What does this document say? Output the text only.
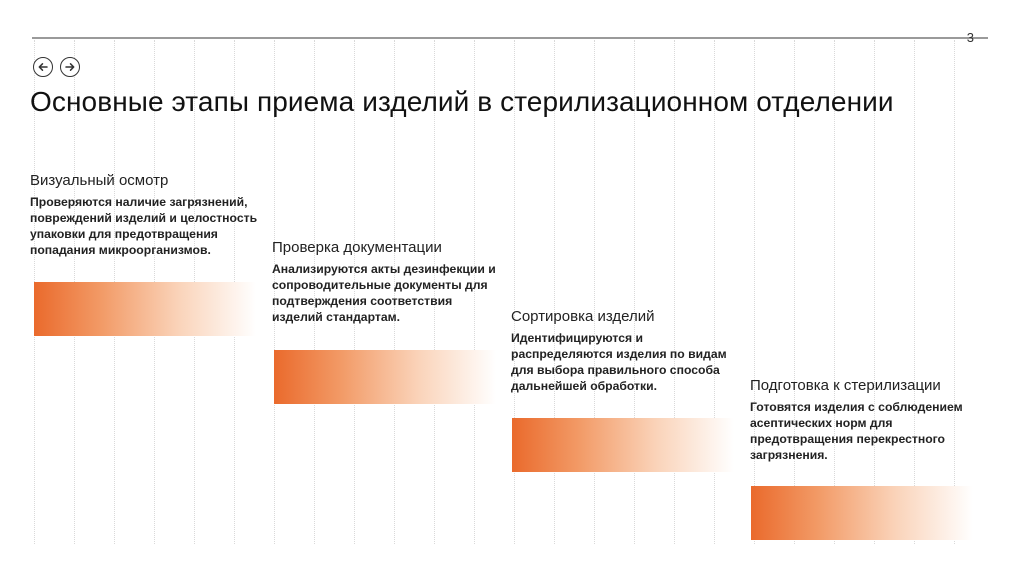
3
Основные этапы приема изделий в стерилизационном отделении
Визуальный осмотр

Проверяются наличие загрязнений, повреждений изделий и целостность упаковки для предотвращения попадания микроорганизмов.	Проверка документации

Анализируются акты дезинфекции и сопроводительные документы для подтверждения соответствия изделий стандартам.	Сортировка изделий

Идентифицируются и распределяются изделия по видам для выбора правильного способа дальнейшей обработки.	Подготовка к стерилизации

Готовятся изделия с соблюдением асептических норм для предотвращения перекрестного загрязнения.
